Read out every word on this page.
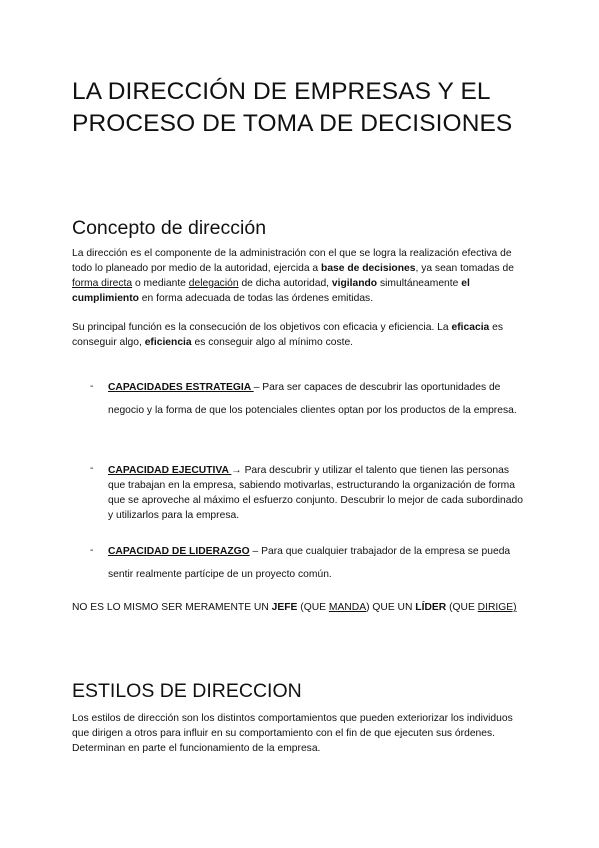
LA DIRECCIÓN DE EMPRESAS Y EL PROCESO DE TOMA DE DECISIONES
Concepto de dirección

La dirección es el componente de la administración con el que se logra la realización efectiva de todo lo planeado por medio de la autoridad, ejercida a base de decisiones, ya sean tomadas de forma directa o mediante delegación de dicha autoridad, vigilando simultáneamente el cumplimiento en forma adecuada de todas las órdenes emitidas.

Su principal función es la consecución de los objetivos con eficacia y eficiencia. La eficacia es conseguir algo, eficiencia es conseguir algo al mínimo coste.

- CAPACIDADES ESTRATEGIA – Para ser capaces de descubrir las oportunidades de negocio y la forma de que los potenciales clientes optan por los productos de la empresa.

- CAPACIDAD EJECUTIVA → Para descubrir y utilizar el talento que tienen las personas que trabajan en la empresa, sabiendo motivarlas, estructurando la organización de forma que se aproveche al máximo el esfuerzo conjunto. Descubrir lo mejor de cada subordinado y utilizarlos para la empresa.

- CAPACIDAD DE LIDERAZGO – Para que cualquier trabajador de la empresa se pueda sentir realmente partícipe de un proyecto común.

NO ES LO MISMO SER MERAMENTE UN JEFE (QUE MANDA) QUE UN LÍDER (QUE DIRIGE)

ESTILOS DE DIRECCION

Los estilos de dirección son los distintos comportamientos que pueden exteriorizar los individuos que dirigen a otros para influir en su comportamiento con el fin de que ejecuten sus órdenes. Determinan en parte el funcionamiento de la empresa.
